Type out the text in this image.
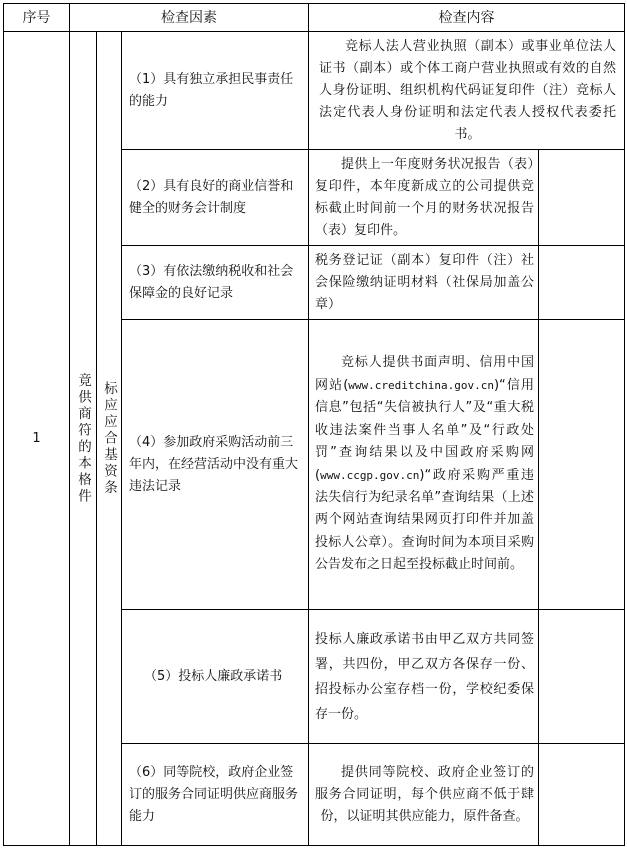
序号	检查因素			检查内容	
1	竟供商符的本格件	标应应合基资条	（1）具有独立承担民事责任的能力	竞标人法人营业执照（副本）或事业单位法人证书（副本）或个体工商户营业执照或有效的自然人身份证明、组织机构代码证复印件（注）竞标人法定代表人身份证明和法定代表人授权代表委托书。	
			（2）具有良好的商业信誉和健全的财务会计制度	提供上一年度财务状况报告（表）复印件，本年度新成立的公司提供竞标截止时间前一个月的财务状况报告（表）复印件。	
			（3）有依法缴纳税收和社会保障金的良好记录	税务登记证（副本）复印件（注）社会保险缴纳证明材料（社保局加盖公章）	
			（4）参加政府采购活动前三年内，在经营活动中没有重大违法记录	竞标人提供书面声明、信用中国网站(www.creditchina.gov.cn)“信用信息”包括“失信被执行人”及“重大税收违法案件当事人名单”及“行政处罚”查询结果以及中国政府采购网(www.ccgp.gov.cn)“政府采购严重违法失信行为纪录名单”查询结果（上述两个网站查询结果网页打印件并加盖投标人公章）。查询时间为本项目采购公告发布之日起至投标截止时间前。	
			（5）投标人廉政承诺书	投标人廉政承诺书由甲乙双方共同签署，共四份，甲乙双方各保存一份、招投标办公室存档一份，学校纪委保存一份。	
			（6）同等院校，政府企业签订的服务合同证明供应商服务能力	提供同等院校、政府企业签订的服务合同证明，每个供应商不低于肆份，以证明其供应能力，原件备查。	
